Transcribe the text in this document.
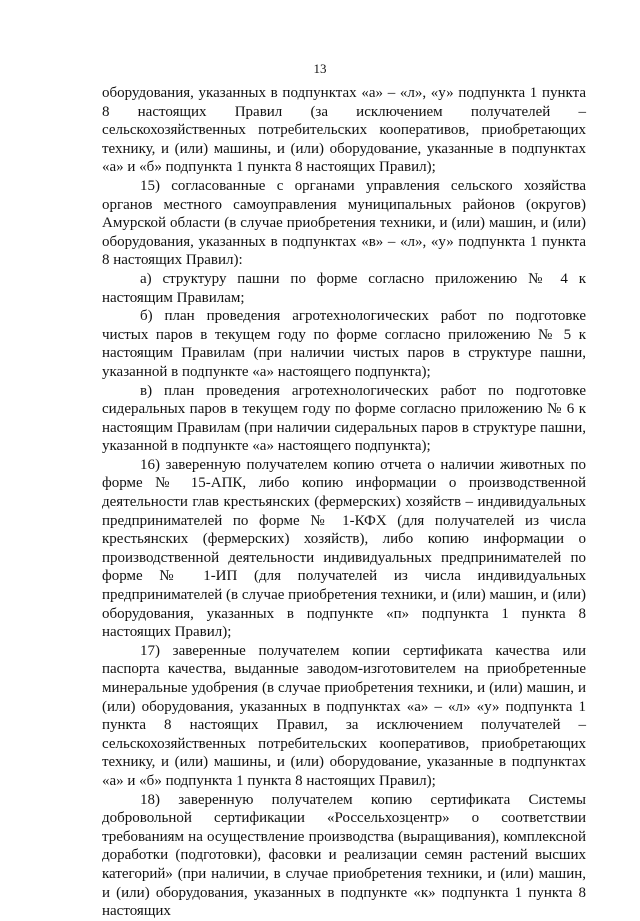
13

оборудования, указанных в подпунктах «а» – «л», «у» подпункта 1 пункта 8 настоящих Правил (за исключением получателей – сельскохозяйственных потребительских кооперативов, приобретающих технику, и (или) машины, и (или) оборудование, указанные в подпунктах «а» и «б» подпункта 1 пункта 8 настоящих Правил);

15) согласованные с органами управления сельского хозяйства органов местного самоуправления муниципальных районов (округов) Амурской области (в случае приобретения техники, и (или) машин, и (или) оборудования, указанных в подпунктах «в» – «л», «у» подпункта 1 пункта 8 настоящих Правил):

а) структуру пашни по форме согласно приложению № 4 к настоящим Правилам;

б) план проведения агротехнологических работ по подготовке чистых паров в текущем году по форме согласно приложению № 5 к настоящим Правилам (при наличии чистых паров в структуре пашни, указанной в подпункте «а» настоящего подпункта);

в) план проведения агротехнологических работ по подготовке сидеральных паров в текущем году по форме согласно приложению № 6 к настоящим Правилам (при наличии сидеральных паров в структуре пашни, указанной в подпункте «а» настоящего подпункта);

16) заверенную получателем копию отчета о наличии животных по форме № 15-АПК, либо копию информации о производственной деятельности глав крестьянских (фермерских) хозяйств – индивидуальных предпринимателей по форме № 1-КФХ (для получателей из числа крестьянских (фермерских) хозяйств), либо копию информации о производственной деятельности индивидуальных предпринимателей по форме № 1-ИП (для получателей из числа индивидуальных предпринимателей (в случае приобретения техники, и (или) машин, и (или) оборудования, указанных в подпункте «п» подпункта 1 пункта 8 настоящих Правил);

17) заверенные получателем копии сертификата качества или паспорта качества, выданные заводом-изготовителем на приобретенные минеральные удобрения (в случае приобретения техники, и (или) машин, и (или) оборудования, указанных в подпунктах «а» – «л» «у» подпункта 1 пункта 8 настоящих Правил, за исключением получателей – сельскохозяйственных потребительских кооперативов, приобретающих технику, и (или) машины, и (или) оборудование, указанные в подпунктах «а» и «б» подпункта 1 пункта 8 настоящих Правил);

18) заверенную получателем копию сертификата Системы добровольной сертификации «Россельхозцентр» о соответствии требованиям на осуществление производства (выращивания), комплексной доработки (подготовки), фасовки и реализации семян растений высших категорий» (при наличии, в случае приобретения техники, и (или) машин, и (или) оборудования, указанных в подпункте «к» подпункта 1 пункта 8 настоящих
